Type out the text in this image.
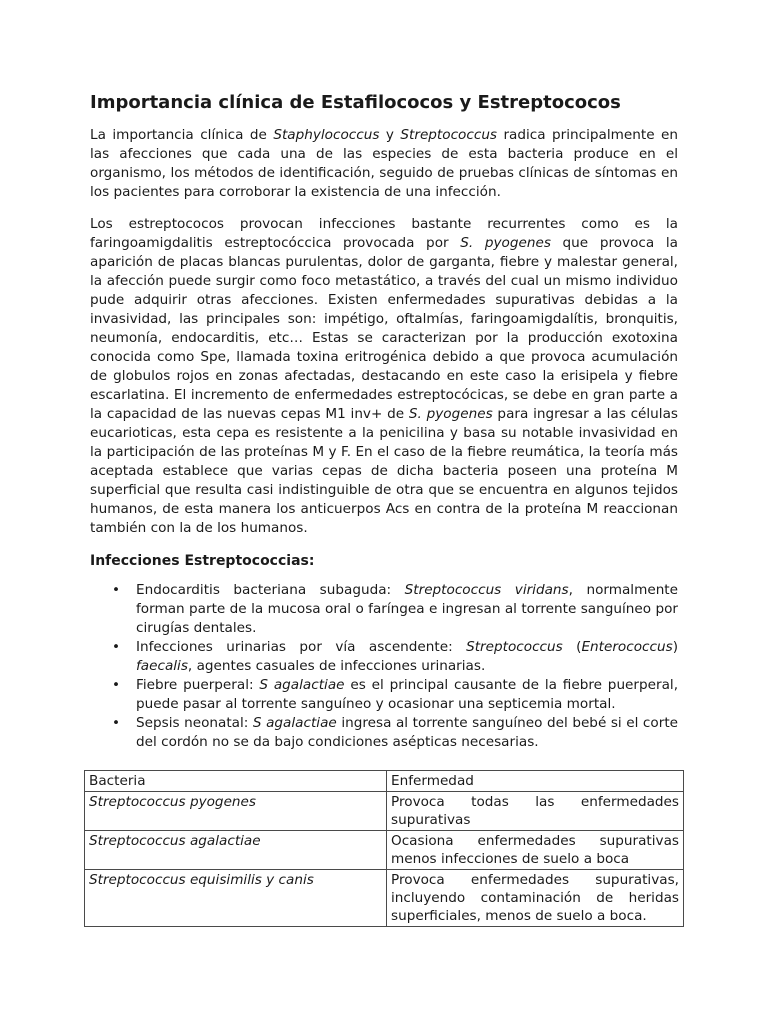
Importancia clínica de Estafilococos y Estreptococos

La importancia clínica de Staphylococcus y Streptococcus radica principalmente en las afecciones que cada una de las especies de esta bacteria produce en el organismo, los métodos de identificación, seguido de pruebas clínicas de síntomas en los pacientes para corroborar la existencia de una infección.

Los estreptococos provocan infecciones bastante recurrentes como es la faringoamigdalitis estreptocóccica provocada por S. pyogenes que provoca la aparición de placas blancas purulentas, dolor de garganta, fiebre y malestar general, la afección puede surgir como foco metastático, a través del cual un mismo individuo pude adquirir otras afecciones. Existen enfermedades supurativas debidas a la invasividad, las principales son: impétigo, oftalmías, faringoamigdalítis, bronquitis, neumonía, endocarditis, etc… Estas se caracterizan por la producción exotoxina conocida como Spe, llamada toxina eritrogénica debido a que provoca acumulación de globulos rojos en zonas afectadas, destacando en este caso la erisipela y fiebre escarlatina. El incremento de enfermedades estreptocócicas, se debe en gran parte a la capacidad de las nuevas cepas M1 inv+ de S. pyogenes para ingresar a las células eucarioticas, esta cepa es resistente a la penicilina y basa su notable invasividad en la participación de las proteínas M y F. En el caso de la fiebre reumática, la teoría más aceptada establece que varias cepas de dicha bacteria poseen una proteína M superficial que resulta casi indistinguible de otra que se encuentra en algunos tejidos humanos, de esta manera los anticuerpos Acs en contra de la proteína M reaccionan también con la de los humanos.

Infecciones Estreptococcias:
• Endocarditis bacteriana subaguda: Streptococcus viridans, normalmente forman parte de la mucosa oral o faríngea e ingresan al torrente sanguíneo por cirugías dentales.
• Infecciones urinarias por vía ascendente: Streptococcus (Enterococcus) faecalis, agentes casuales de infecciones urinarias.
• Fiebre puerperal: S agalactiae es el principal causante de la fiebre puerperal, puede pasar al torrente sanguíneo y ocasionar una septicemia mortal.
• Sepsis neonatal: S agalactiae ingresa al torrente sanguíneo del bebé si el corte del cordón no se da bajo condiciones asépticas necesarias.
Bacteria	Enfermedad
Streptococcus pyogenes	Provoca todas las enfermedades supurativas
Streptococcus agalactiae	Ocasiona enfermedades supurativas menos infecciones de suelo a boca
Streptococcus equisimilis y canis	Provoca enfermedades supurativas, incluyendo contaminación de heridas superficiales, menos de suelo a boca.
